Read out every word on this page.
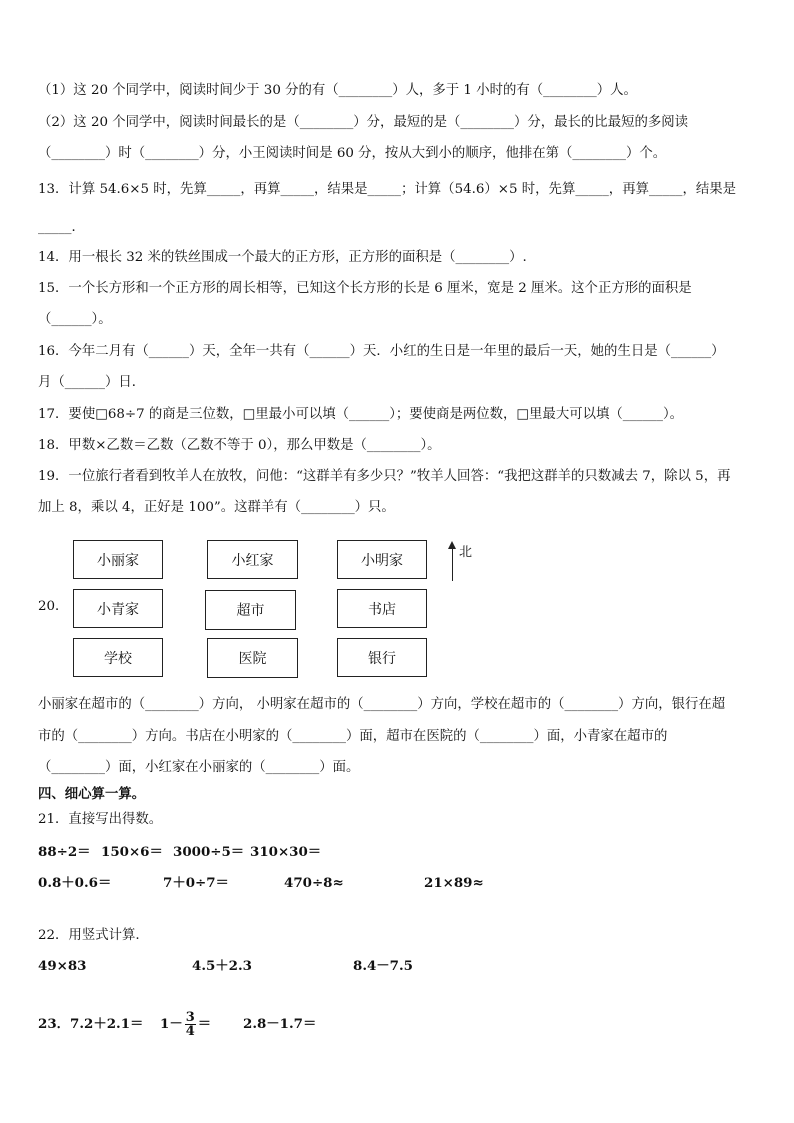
（1）这 20 个同学中，阅读时间少于 30 分的有（________）人，多于 1 小时的有（________）人。
（2）这 20 个同学中，阅读时间最长的是（________）分，最短的是（________）分，最长的比最短的多阅读
（________）时（________）分，小王阅读时间是 60 分，按从大到小的顺序，他排在第（________）个。
13．计算 54.6×5 时，先算_____，再算_____，结果是_____；计算（54.6）×5 时，先算_____，再算_____，结果是
_____．
14．用一根长 32 米的铁丝围成一个最大的正方形，正方形的面积是（________）.
15．一个长方形和一个正方形的周长相等，已知这个长方形的长是 6 厘米，宽是 2 厘米。这个正方形的面积是
（______）。
16．今年二月有（______）天，全年一共有（______）天．小红的生日是一年里的最后一天，她的生日是（______）
月（______）日．
17．要使□68÷7 的商是三位数，□里最小可以填（______）；要使商是两位数，□里最大可以填（______）。
18．甲数×乙数＝乙数（乙数不等于 0），那么甲数是（________）。
19．一位旅行者看到牧羊人在放牧，问他：“这群羊有多少只？”牧羊人回答：“我把这群羊的只数减去 7，除以 5，再
加上 8，乘以 4，正好是 100”。这群羊有（________）只。
20．
小丽家	小红家	小明家
小青家	超市	书店
学校	医院	银行
北
小丽家在超市的（________）方向， 小明家在超市的（________）方向，学校在超市的（________）方向，银行在超
市的（________）方向。书店在小明家的（________）面，超市在医院的（________）面，小青家在超市的
（________）面，小红家在小丽家的（________）面。
四、细心算一算。
21．直接写出得数。
88÷2＝ 150×6＝ 3000÷5＝ 310×30＝
0.8＋0.6＝	7＋0÷7＝	470÷8≈	21×89≈
22．用竖式计算.
49×83	4.5＋2.3	8.4－7.5
23．$7.2+2.1= 1- \frac{3}{4} = 2.8-1.7=$
